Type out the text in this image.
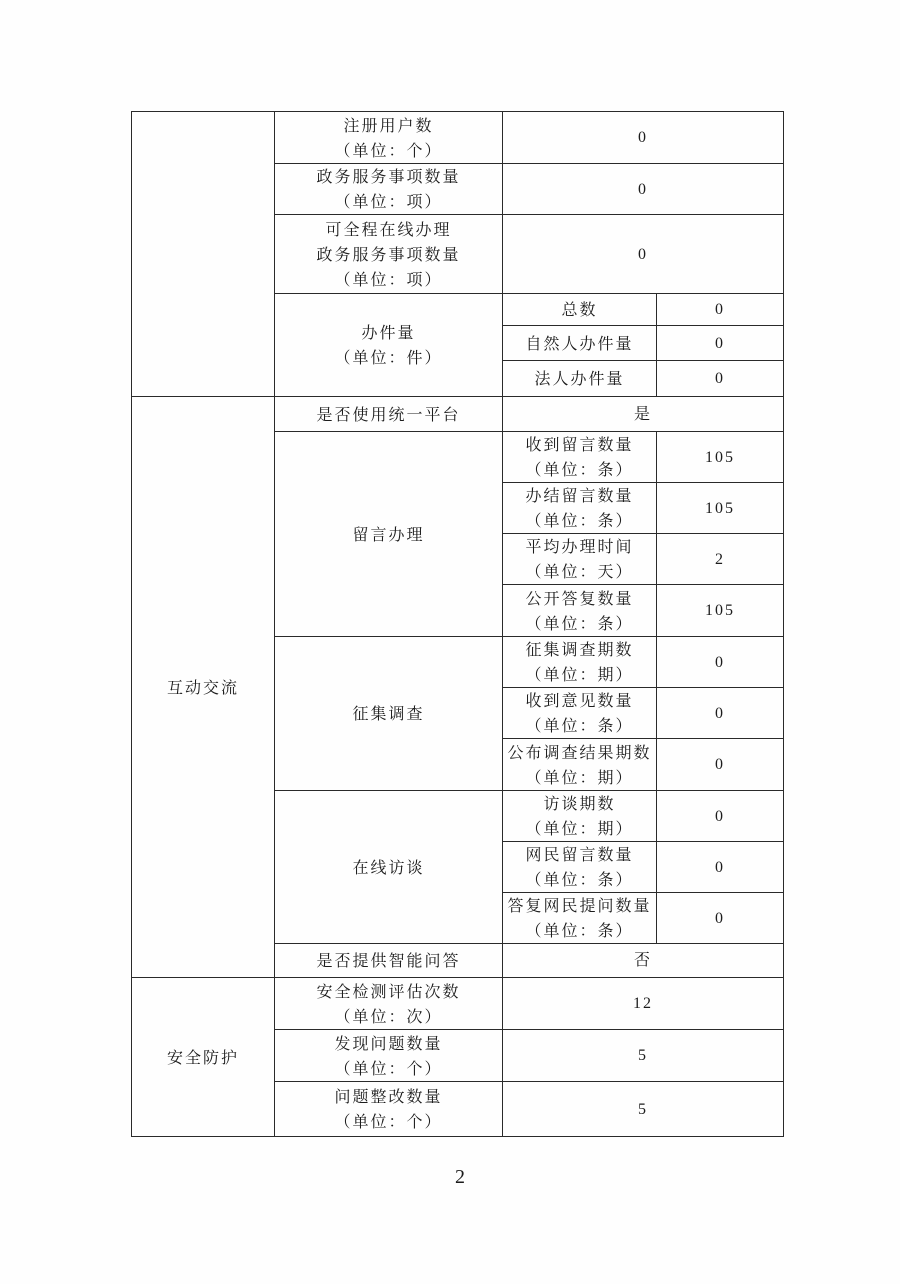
	注册用户数
（单位：个）	0	

	政务服务事项数量
（单位：项）	0	

	可全程在线办理
政务服务事项数量
（单位：项）	0	

	办件量
（单位：件）	总数	0
		自然人办件量	0
		法人办件量	0
互动交流	是否使用统一平台	是	
	留言办理	收到留言数量
（单位：条）	105

		办结留言数量
（单位：条）	105

		平均办理时间
（单位：天）	2

		公开答复数量
（单位：条）	105
	征集调查	征集调查期数
（单位：期）	0

		收到意见数量
（单位：条）	0

		公布调查结果期数
（单位：期）	0
	在线访谈	访谈期数
（单位：期）	0

		网民留言数量
（单位：条）	0

		答复网民提问数量
（单位：条）	0
	是否提供智能问答	否	
安全防护	安全检测评估次数
（单位：次）	12	

	发现问题数量
（单位：个）	5	

	问题整改数量
（单位：个）	5	
2
